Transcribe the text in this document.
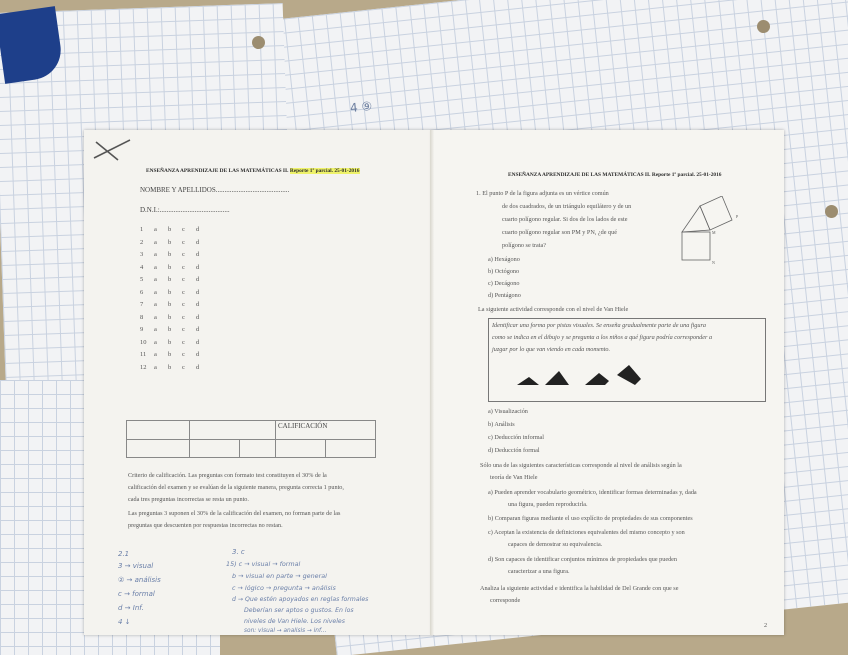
4 ⑨
ENSEÑANZA APRENDIZAJE DE LAS MATEMÁTICAS II. Reporte 1º parcial. 25-01-2016
NOMBRE Y APELLIDOS..........................................
D.N.I.:........................................
1	a	b	c	d
2	a	b	c	d
3	a	b	c	d
4	a	b	c	d
5	a	b	c	d
6	a	b	c	d
7	a	b	c	d
8	a	b	c	d
9	a	b	c	d
10	a	b	c	d
11	a	b	c	d
12	a	b	c	d
CALIFICACIÓN
Criterio de calificación. Las preguntas con formato test constituyen el 30% de la
calificación del examen y se evalúan de la siguiente manera, pregunta correcta 1 punto,
cada tres preguntas incorrectas se resta un punto.
Las preguntas 3 suponen el 30% de la calificación del examen, no forman parte de las
preguntas que descuenten por respuestas incorrectas no restan.
2.1
3 → visual
② → análisis
c → formal
d → Inf.
4 ↓
3. c
15) c → visual → formal
b → visual en parte → general
c → lógico → pregunta → análisis
d → Que estén apoyados en reglas formales
Deberían ser aptos o gustos. En los
niveles de Van Hiele. Los niveles
son: visual → analisis → inf...
ENSEÑANZA APRENDIZAJE DE LAS MATEMÁTICAS II. Reporte 1º parcial. 25-01-2016
1. El punto P de la figura adjunta es un vértice común
de dos cuadrados, de un triángulo equilátero y de un
cuarto polígono regular. Si dos de los lados de este
cuarto polígono regular son PM y PN, ¿de qué
polígono se trata?
a) Hexágono
b) Octógono
c) Decágono
d) Pentágono
P
M
N
La siguiente actividad corresponde con el nivel de Van Hiele
Identificar una forma por pistas visuales. Se enseña gradualmente parte de una figura
como se indica en el dibujo y se pregunta a los niños a qué figura podría corresponder a
juzgar por lo que van viendo en cada momento.
a) Visualización
b) Análisis
c) Deducción informal
d) Deducción formal
Sólo una de las siguientes características corresponde al nivel de análisis según la
teoría de Van Hiele
a) Pueden aprender vocabulario geométrico, identificar formas determinadas y, dada
una figura, pueden reproducirla.
b) Comparan figuras mediante el uso explícito de propiedades de sus componentes
c) Aceptan la existencia de definiciones equivalentes del mismo concepto y son
capaces de demostrar su equivalencia.
d) Son capaces de identificar conjuntos mínimos de propiedades que pueden
caracterizar a una figura.
Analiza la siguiente actividad e identifica la habilidad de Del Grande con que se
corresponde
2
